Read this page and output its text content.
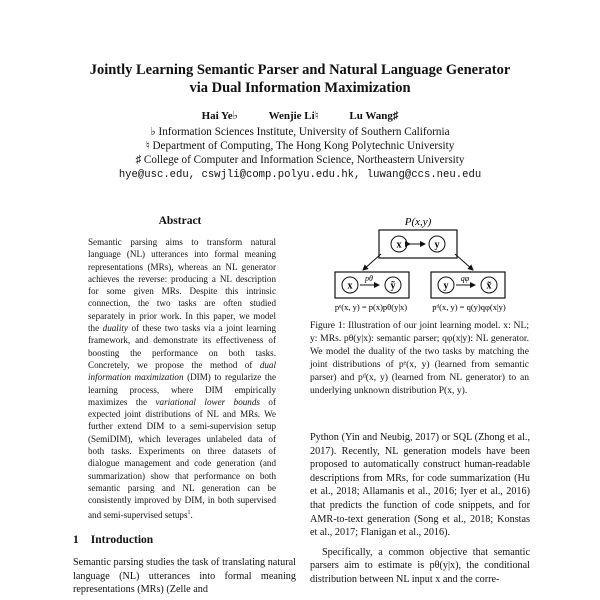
Jointly Learning Semantic Parser and Natural Language Generator
via Dual Information Maximization
Hai Ye♭	Wenjie Li♮	Lu Wang♯
♭ Information Sciences Institute, University of Southern California
♮ Department of Computing, The Hong Kong Polytechnic University
♯ College of Computer and Information Science, Northeastern University
hye@usc.edu, cswjli@comp.polyu.edu.hk, luwang@ccs.neu.edu
Abstract

Semantic parsing aims to transform natural language (NL) utterances into formal meaning representations (MRs), whereas an NL generator achieves the reverse: producing a NL description for some given MRs. Despite this intrinsic connection, the two tasks are often studied separately in prior work. In this paper, we model the duality of these two tasks via a joint learning framework, and demonstrate its effectiveness of boosting the performance on both tasks. Concretely, we propose the method of dual information maximization (DIM) to regularize the learning process, where DIM empirically maximizes the variational lower bounds of expected joint distributions of NL and MRs. We further extend DIM to a semi-supervision setup (SemiDIM), which leverages unlabeled data of both tasks. Experiments on three datasets of dialogue management and code generation (and summarization) show that performance on both semantic parsing and NL generation can be consistently improved by DIM, in both supervised and semi-supervised setups$^1$.

1 Introduction

Semantic parsing studies the task of translating natural language (NL) utterances into formal meaning representations (MRs) (Zelle and

P(x,y)
x	y
x
pθ
ỹ	y
qφ
x̃
pᵉ(x, y) = p(x)pθ(y|x)	pᵈ(x, y) = q(y)qφ(x|y)

Figure 1: Illustration of our joint learning model. x: NL; y: MRs. pθ(y|x): semantic parser; qφ(x|y): NL generator. We model the duality of the two tasks by matching the joint distributions of pᵉ(x, y) (learned from semantic parser) and pᵈ(x, y) (learned from NL generator) to an underlying unknown distribution P(x, y).

Python (Yin and Neubig, 2017) or SQL (Zhong et al., 2017). Recently, NL generation models have been proposed to automatically construct human-readable descriptions from MRs, for code summarization (Hu et al., 2018; Allamanis et al., 2016; Iyer et al., 2016) that predicts the function of code snippets, and for AMR-to-text generation (Song et al., 2018; Konstas et al., 2017; Flanigan et al., 2016).

Specifically, a common objective that semantic parsers aim to estimate is pθ(y|x), the conditional distribution between NL input x and the corre-
